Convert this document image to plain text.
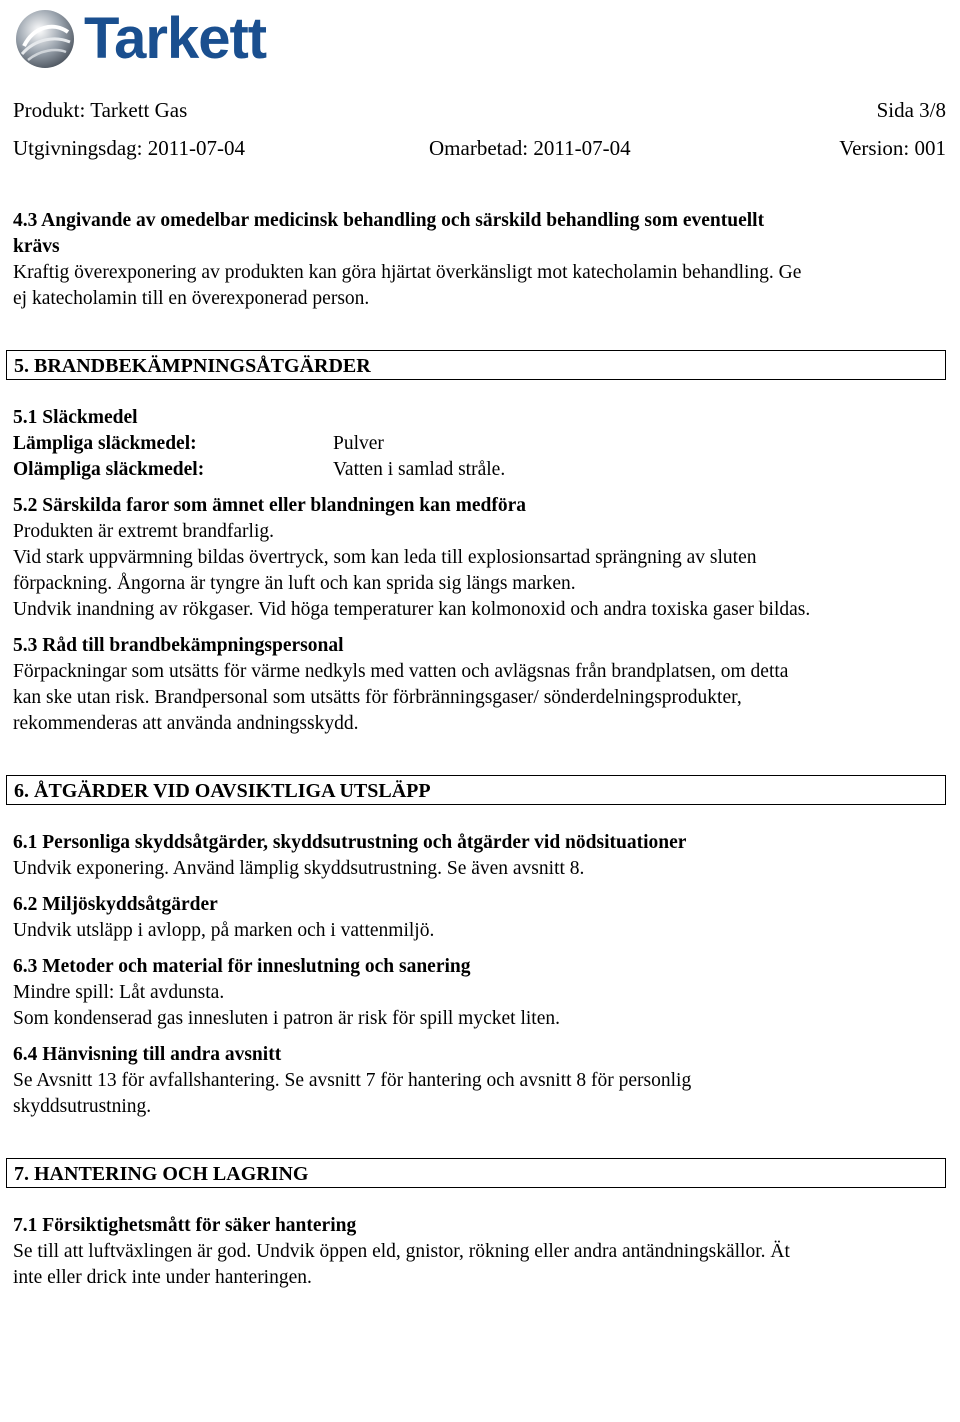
Tarkett
Produkt: Tarkett Gas	Sida 3/8
Utgivningsdag: 2011-07-04	Omarbetad: 2011-07-04	Version: 001

4.3 Angivande av omedelbar medicinsk behandling och särskild behandling som eventuellt

krävs

Kraftig överexponering av produkten kan göra hjärtat överkänsligt mot katecholamin behandling. Ge

ej katecholamin till en överexponerad person.

5. BRANDBEKÄMPNINGSÅTGÄRDER

5.1 Släckmedel

Lämpliga släckmedel:	Pulver
Olämpliga släckmedel:	Vatten i samlad stråle.

5.2 Särskilda faror som ämnet eller blandningen kan medföra

Produkten är extremt brandfarlig.

Vid stark uppvärmning bildas övertryck, som kan leda till explosionsartad sprängning av sluten

förpackning. Ångorna är tyngre än luft och kan sprida sig längs marken.

Undvik inandning av rökgaser. Vid höga temperaturer kan kolmonoxid och andra toxiska gaser bildas.

5.3 Råd till brandbekämpningspersonal

Förpackningar som utsätts för värme nedkyls med vatten och avlägsnas från brandplatsen, om detta

kan ske utan risk. Brandpersonal som utsätts för förbränningsgaser/ sönderdelningsprodukter,

rekommenderas att använda andningsskydd.

6. ÅTGÄRDER VID OAVSIKTLIGA UTSLÄPP

6.1 Personliga skyddsåtgärder, skyddsutrustning och åtgärder vid nödsituationer

Undvik exponering. Använd lämplig skyddsutrustning. Se även avsnitt 8.

6.2 Miljöskyddsåtgärder

Undvik utsläpp i avlopp, på marken och i vattenmiljö.

6.3 Metoder och material för inneslutning och sanering

Mindre spill: Låt avdunsta.

Som kondenserad gas innesluten i patron är risk för spill mycket liten.

6.4 Hänvisning till andra avsnitt

Se Avsnitt 13 för avfallshantering. Se avsnitt 7 för hantering och avsnitt 8 för personlig

skyddsutrustning.

7. HANTERING OCH LAGRING

7.1 Försiktighetsmått för säker hantering

Se till att luftväxlingen är god. Undvik öppen eld, gnistor, rökning eller andra antändningskällor. Ät

inte eller drick inte under hanteringen.
